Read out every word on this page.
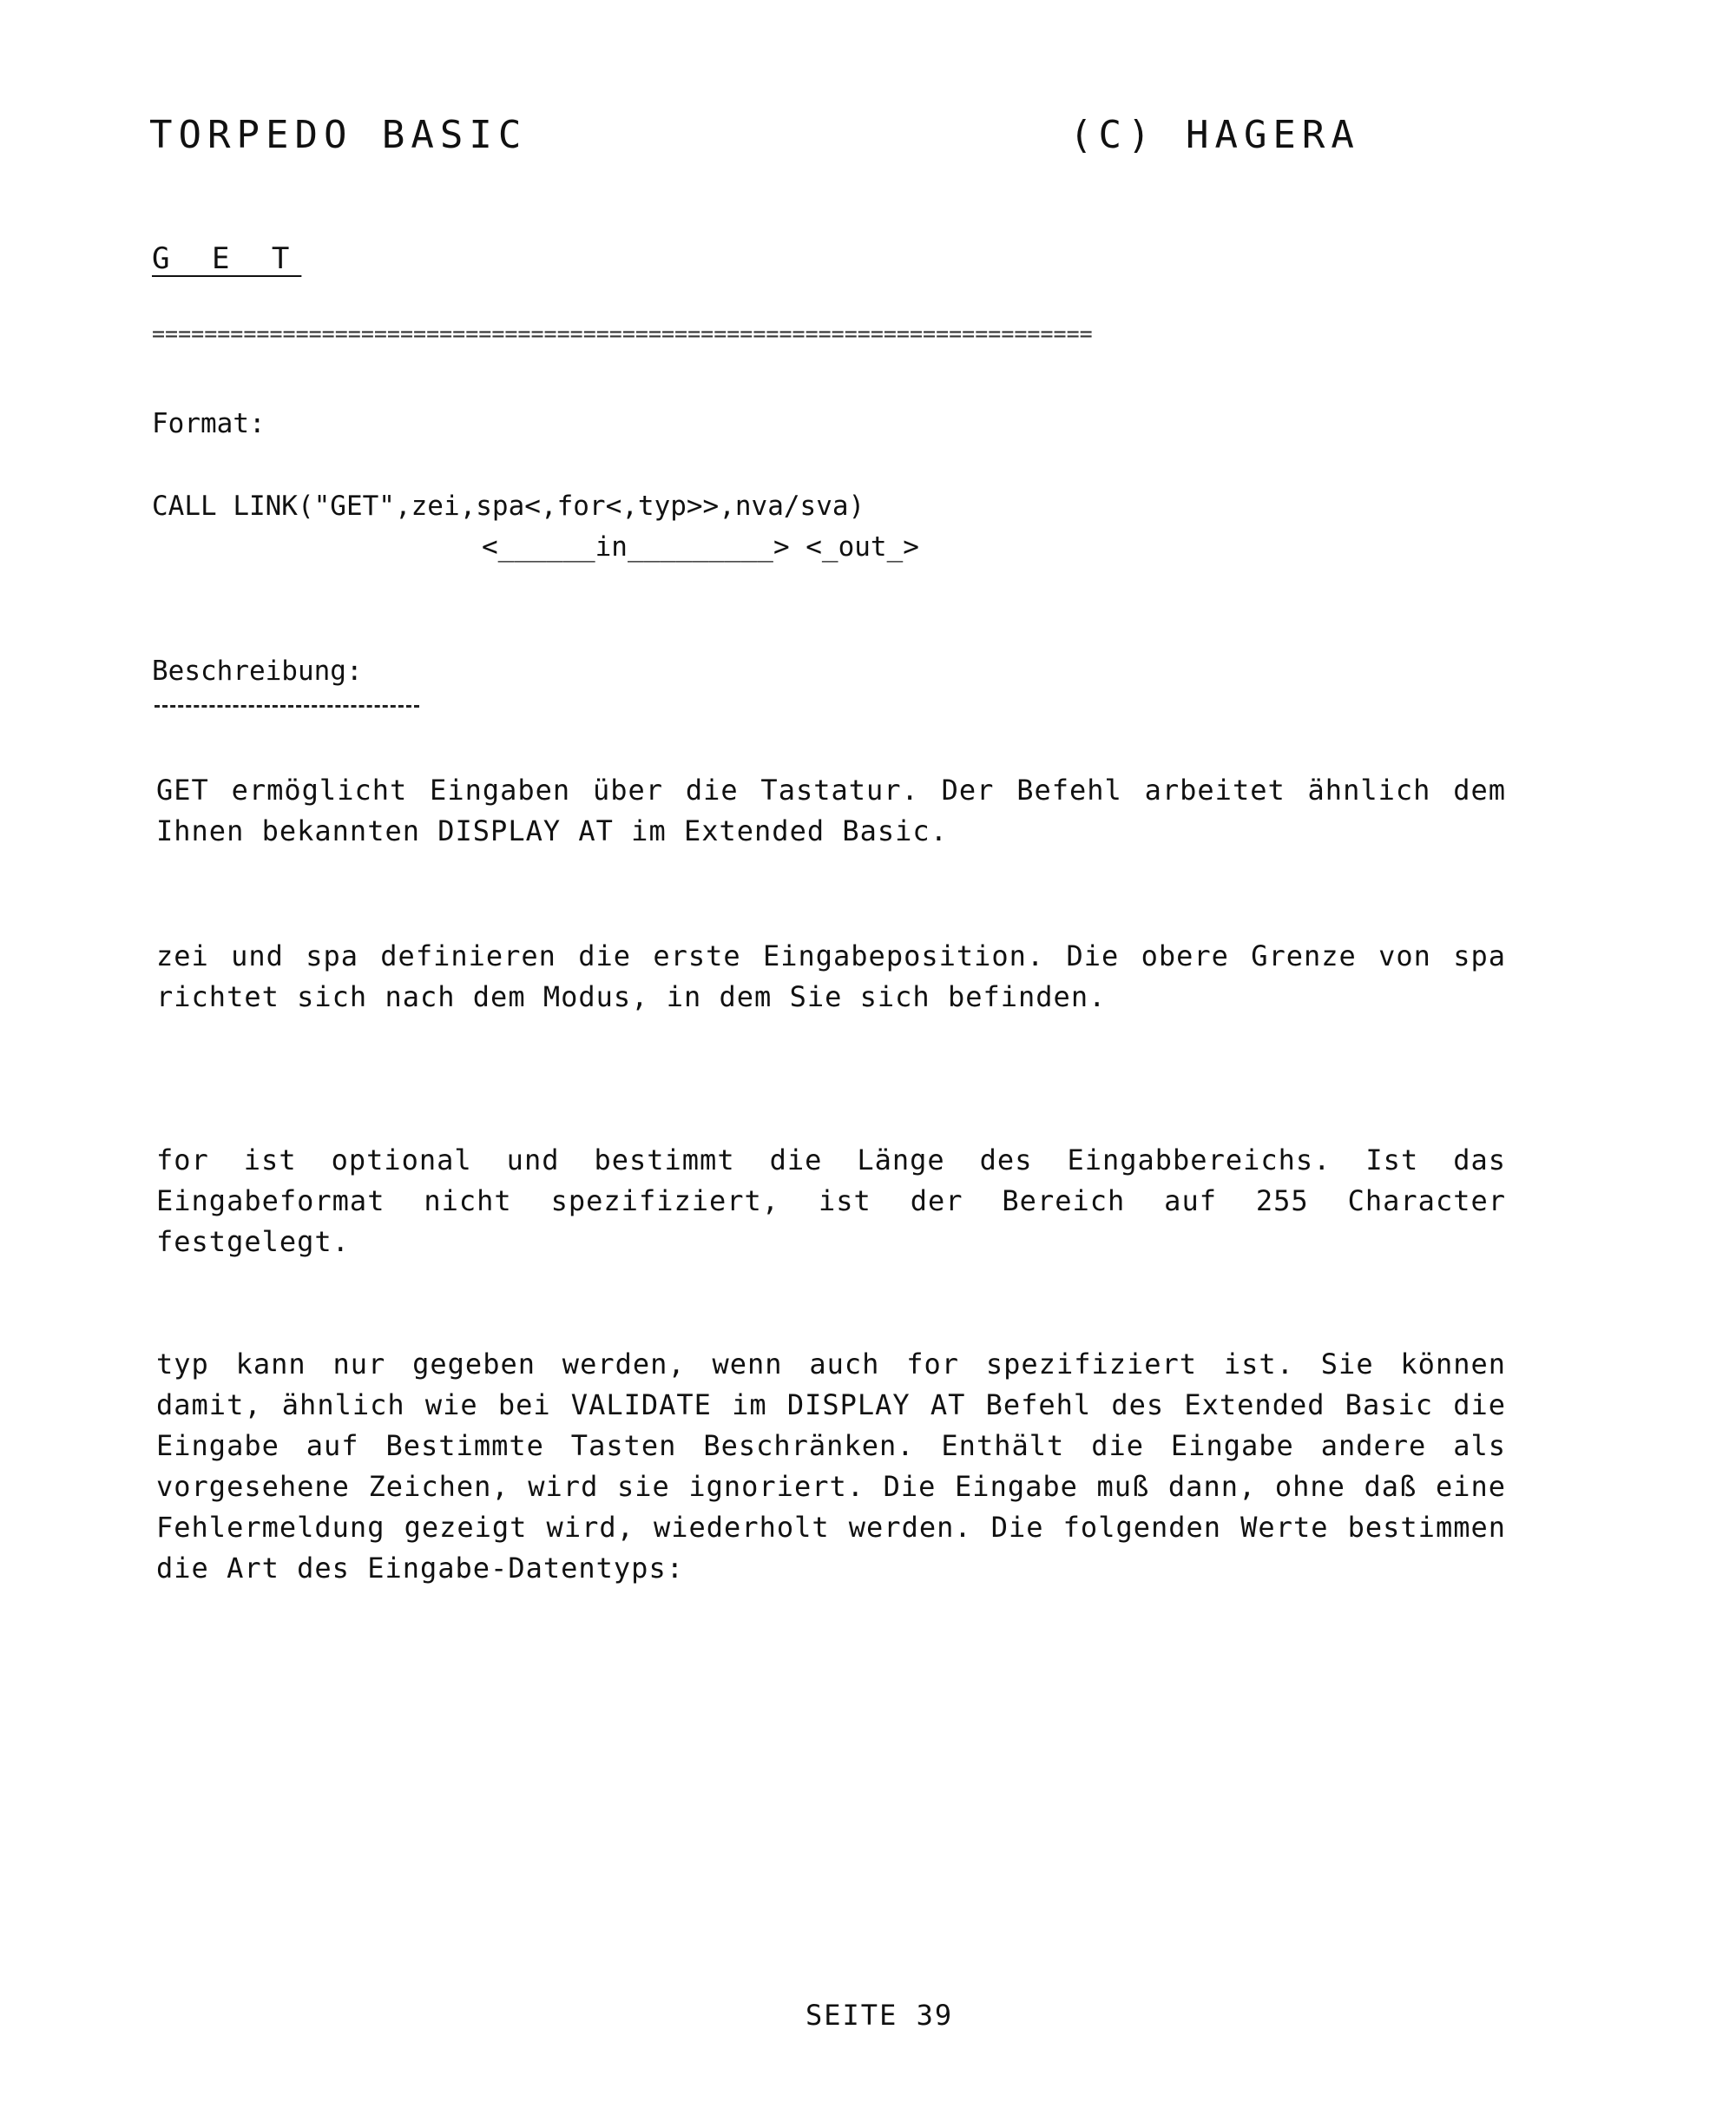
TORPEDO BASIC	(C) HAGERA
G E T
========================================================================
Format:
CALL LINK("GET",zei,spa<,for<,typ>>,nva/sva)
<______in_________> <_out_>
Beschreibung:

GET ermöglicht Eingaben über die Tastatur. Der Befehl arbeitet ähnlich dem Ihnen bekannten DISPLAY AT im Extended Basic.

zei und spa definieren die erste Eingabeposition. Die obere Grenze von spa richtet sich nach dem Modus, in dem Sie sich befinden.

for ist optional und bestimmt die Länge des Eingabbereichs. Ist das Eingabeformat nicht spezifiziert, ist der Bereich auf 255 Character festgelegt.

typ kann nur gegeben werden, wenn auch for spezifiziert ist. Sie können damit, ähnlich wie bei VALIDATE im DISPLAY AT Befehl des Extended Basic die Eingabe auf Bestimmte Tasten Beschränken. Enthält die Eingabe andere als vorgesehene Zeichen, wird sie ignoriert. Die Eingabe muß dann, ohne daß eine Fehlermeldung gezeigt wird, wiederholt werden. Die folgenden Werte bestimmen die Art des Eingabe-Datentyps:

SEITE 39
